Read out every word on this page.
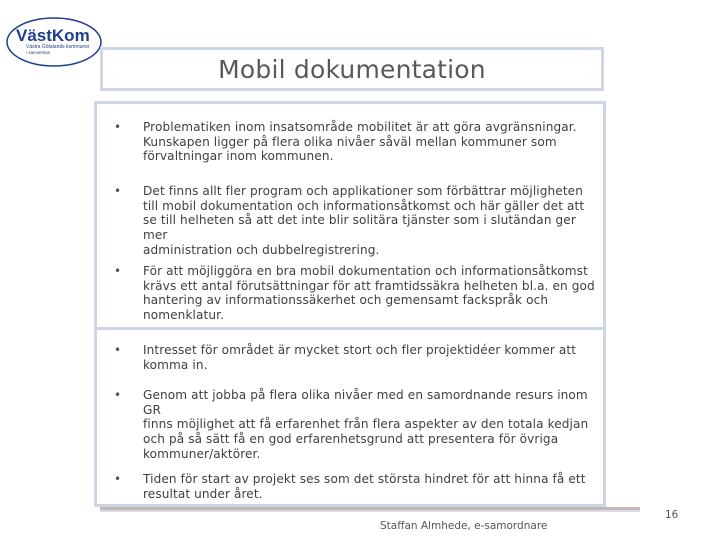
VästKom
Västra Götalands kommuner
i samverkan
Mobil dokumentation
• Problematiken inom insatsområde mobilitet är att göra avgränsningar.
Kunskapen ligger på flera olika nivåer såväl mellan kommuner som
förvaltningar inom kommunen.
• Det finns allt fler program och applikationer som förbättrar möjligheten
till mobil dokumentation och informationsåtkomst och här gäller det att
se till helheten så att det inte blir solitära tjänster som i slutändan ger mer
administration och dubbelregistrering.
• För att möjliggöra en bra mobil dokumentation och informationsåtkomst
krävs ett antal förutsättningar för att framtidssäkra helheten bl.a. en god
hantering av informationssäkerhet och gemensamt fackspråk och
nomenklatur.
• Intresset för området är mycket stort och fler projektidéer kommer att
komma in.
• Genom att jobba på flera olika nivåer med en samordnande resurs inom GR
finns möjlighet att få erfarenhet från flera aspekter av den totala kedjan
och på så sätt få en god erfarenhetsgrund att presentera för övriga
kommuner/aktörer.
• Tiden för start av projekt ses som det största hindret för att hinna få ett
resultat under året.
Staffan Almhede, e-samordnare
16
